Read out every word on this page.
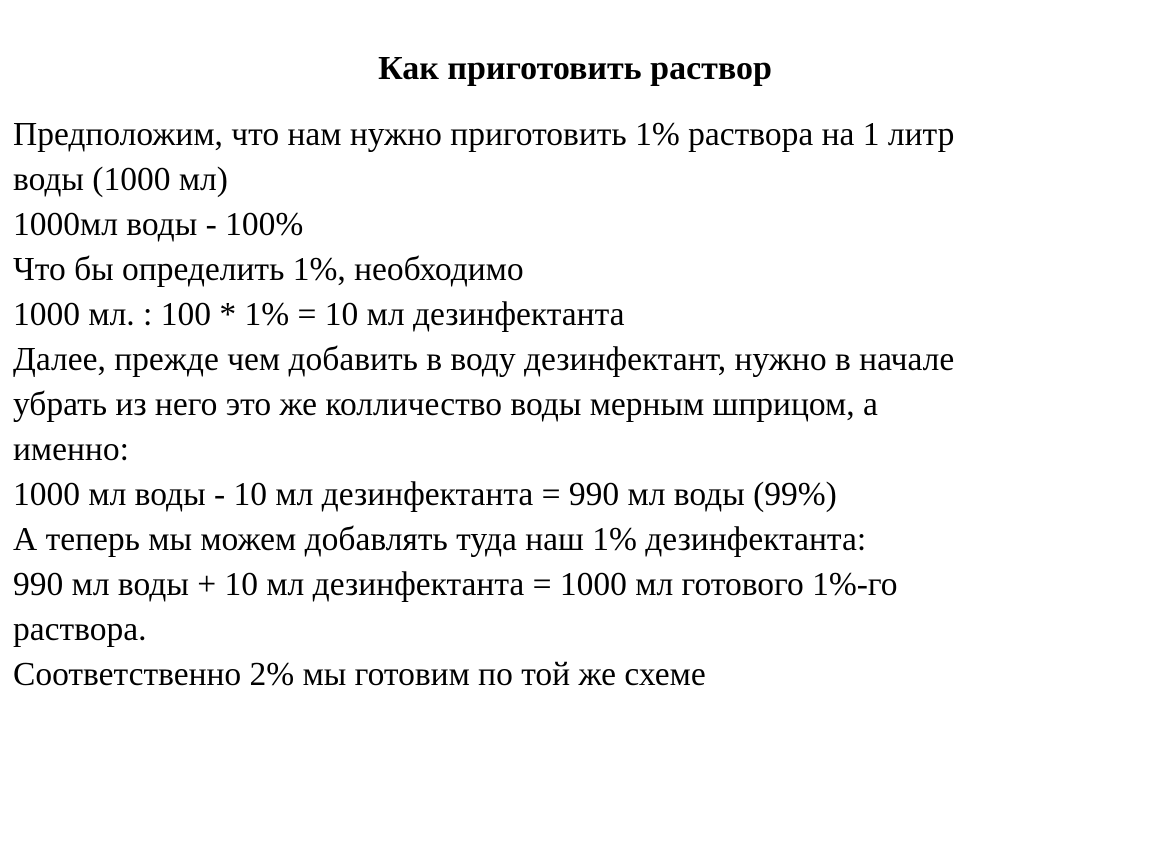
Как приготовить раствор
Предположим, что нам нужно приготовить 1% раствора на 1 литр
воды (1000 мл)
1000мл воды - 100%
Что бы определить 1%, необходимо
1000 мл. : 100 * 1% = 10 мл дезинфектанта
Далее, прежде чем добавить в воду дезинфектант, нужно в начале
убрать из него это же колличество воды мерным шприцом, а
именно:
1000 мл воды - 10 мл дезинфектанта = 990 мл воды (99%)
А теперь мы можем добавлять туда наш 1% дезинфектанта:
990 мл воды + 10 мл дезинфектанта = 1000 мл готового 1%-го
раствора.
Соответственно 2% мы готовим по той же схеме
